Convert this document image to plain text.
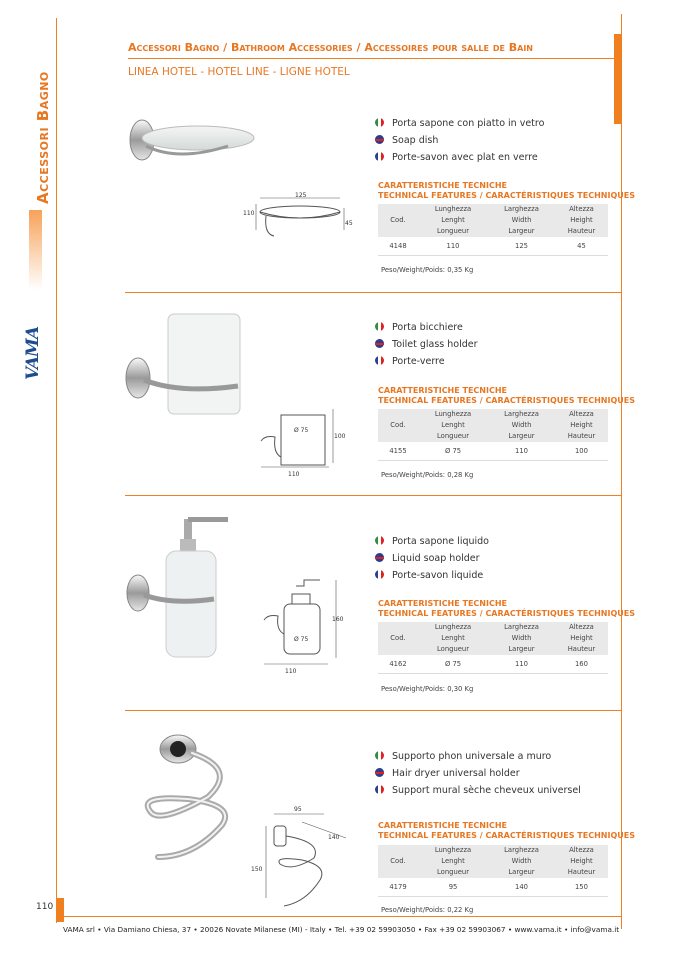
Accessori Bagno
VAMA
Accessori Bagno / Bathroom Accessories / Accessoires pour salle de Bain
LINEA HOTEL - HOTEL LINE - LIGNE HOTEL
125
110
45
Porta sapone con piatto in vetro
Soap dish
Porte-savon avec plat en verre
CARATTERISTICHE TECNICHE
TECHNICAL FEATURES / CARACTÉRISTIQUES TECHNIQUES
Cod.	Lunghezza	Larghezza	Altezza
	Lenght	Width	Height
	Longueur	Largeur	Hauteur
4148	110	125	45
Peso/Weight/Poids: 0,35 Kg
Ø 75
100
110
Porta bicchiere
Toilet glass holder
Porte-verre
CARATTERISTICHE TECNICHE
TECHNICAL FEATURES / CARACTÉRISTIQUES TECHNIQUES
Cod.	Lunghezza	Larghezza	Altezza
	Lenght	Width	Height
	Longueur	Largeur	Hauteur
4155	Ø 75	110	100
Peso/Weight/Poids: 0,28 Kg
Ø 75
160
110
Porta sapone liquido
Liquid soap holder
Porte-savon liquide
CARATTERISTICHE TECNICHE
TECHNICAL FEATURES / CARACTÉRISTIQUES TECHNIQUES
Cod.	Lunghezza	Larghezza	Altezza
	Lenght	Width	Height
	Longueur	Largeur	Hauteur
4162	Ø 75	110	160
Peso/Weight/Poids: 0,30 Kg
95
140
150
Supporto phon universale a muro
Hair dryer universal holder
Support mural sèche cheveux universel
CARATTERISTICHE TECNICHE
TECHNICAL FEATURES / CARACTÉRISTIQUES TECHNIQUES
Cod.	Lunghezza	Larghezza	Altezza
	Lenght	Width	Height
	Longueur	Largeur	Hauteur
4179	95	140	150
Peso/Weight/Poids: 0,22 Kg
110
VAMA srl • Via Damiano Chiesa, 37 • 20026 Novate Milanese (MI) - Italy • Tel. +39 02 59903050 • Fax +39 02 59903067 • www.vama.it • info@vama.it
